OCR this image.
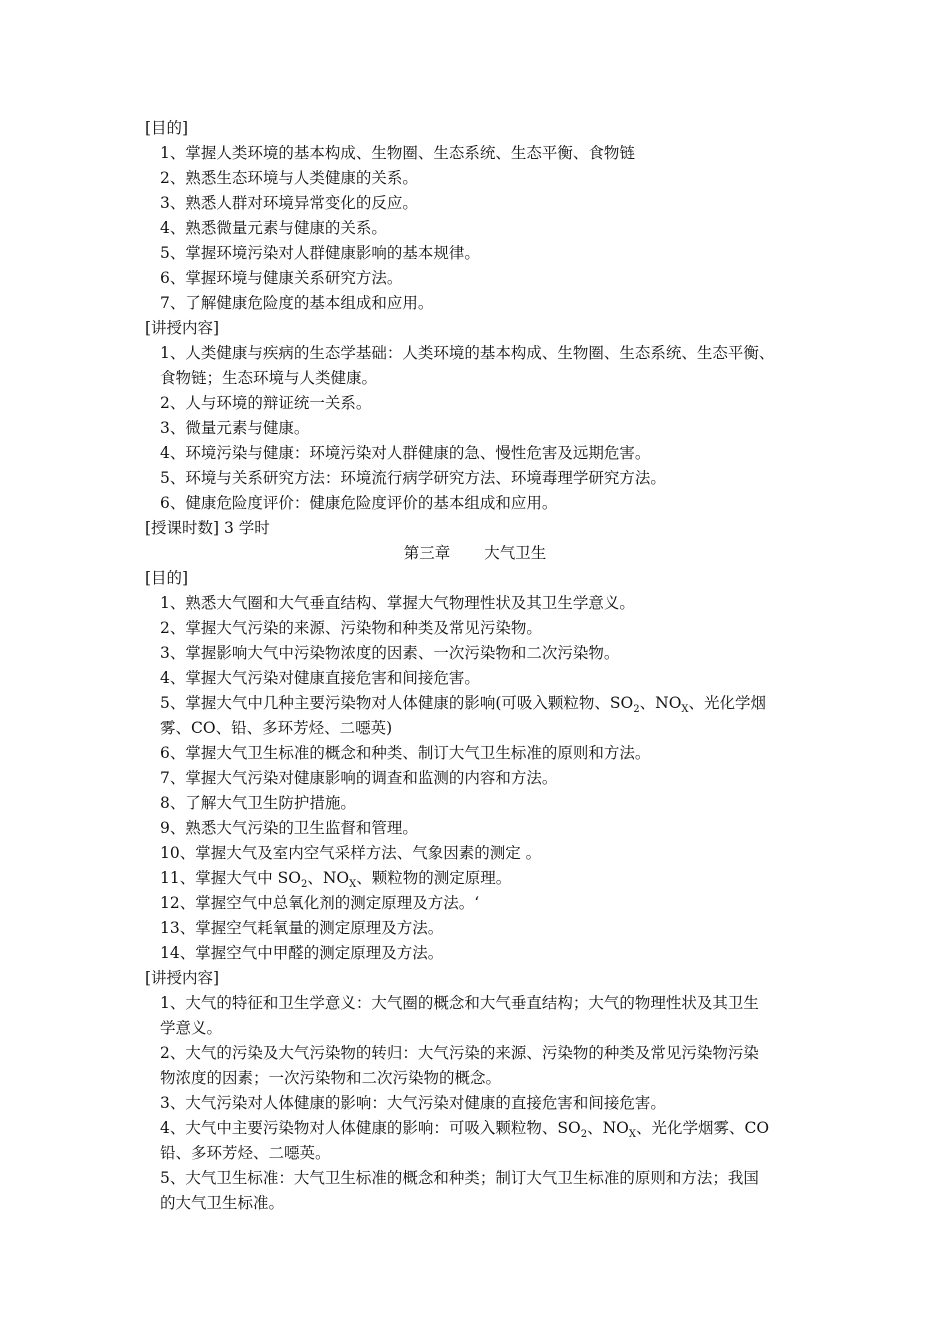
[目的]
1、掌握人类环境的基本构成、生物圈、生态系统、生态平衡、食物链
2、熟悉生态环境与人类健康的关系。
3、熟悉人群对环境异常变化的反应。
4、熟悉微量元素与健康的关系。
5、掌握环境污染对人群健康影响的基本规律。
6、掌握环境与健康关系研究方法。
7、了解健康危险度的基本组成和应用。
[讲授内容]
1、人类健康与疾病的生态学基础：人类环境的基本构成、生物圈、生态系统、生态平衡、
食物链；生态环境与人类健康。
2、人与环境的辩证统一关系。
3、微量元素与健康。
4、环境污染与健康：环境污染对人群健康的急、慢性危害及远期危害。
5、环境与关系研究方法：环境流行病学研究方法、环境毒理学研究方法。
6、健康危险度评价：健康危险度评价的基本组成和应用。
[授课时数] 3 学时
第三章 大气卫生
[目的]
1、熟悉大气圈和大气垂直结构、掌握大气物理性状及其卫生学意义。
2、掌握大气污染的来源、污染物和种类及常见污染物。
3、掌握影响大气中污染物浓度的因素、一次污染物和二次污染物。
4、掌握大气污染对健康直接危害和间接危害。
5、掌握大气中几种主要污染物对人体健康的影响(可吸入颗粒物、$SO_2$、$NO_X$、光化学烟
雾、CO、铅、多环芳烃、二噁英)
6、掌握大气卫生标准的概念和种类、制订大气卫生标准的原则和方法。
7、掌握大气污染对健康影响的调查和监测的内容和方法。
8、了解大气卫生防护措施。
9、熟悉大气污染的卫生监督和管理。
10、掌握大气及室内空气采样方法、气象因素的测定 。
11、掌握大气中 $SO_2$、$NO_X$、颗粒物的测定原理。
12、掌握空气中总氧化剂的测定原理及方法。‘
13、掌握空气耗氧量的测定原理及方法。
14、掌握空气中甲醛的测定原理及方法。
[讲授内容]
1、大气的特征和卫生学意义：大气圈的概念和大气垂直结构；大气的物理性状及其卫生
学意义。
2、大气的污染及大气污染物的转归：大气污染的来源、污染物的种类及常见污染物污染
物浓度的因素；一次污染物和二次污染物的概念。
3、大气污染对人体健康的影响：大气污染对健康的直接危害和间接危害。
4、大气中主要污染物对人体健康的影响：可吸入颗粒物、$SO_2$、$NO_X$、光化学烟雾、CO
铅、多环芳烃、二噁英。
5、大气卫生标准：大气卫生标准的概念和种类；制订大气卫生标准的原则和方法；我国
的大气卫生标准。
